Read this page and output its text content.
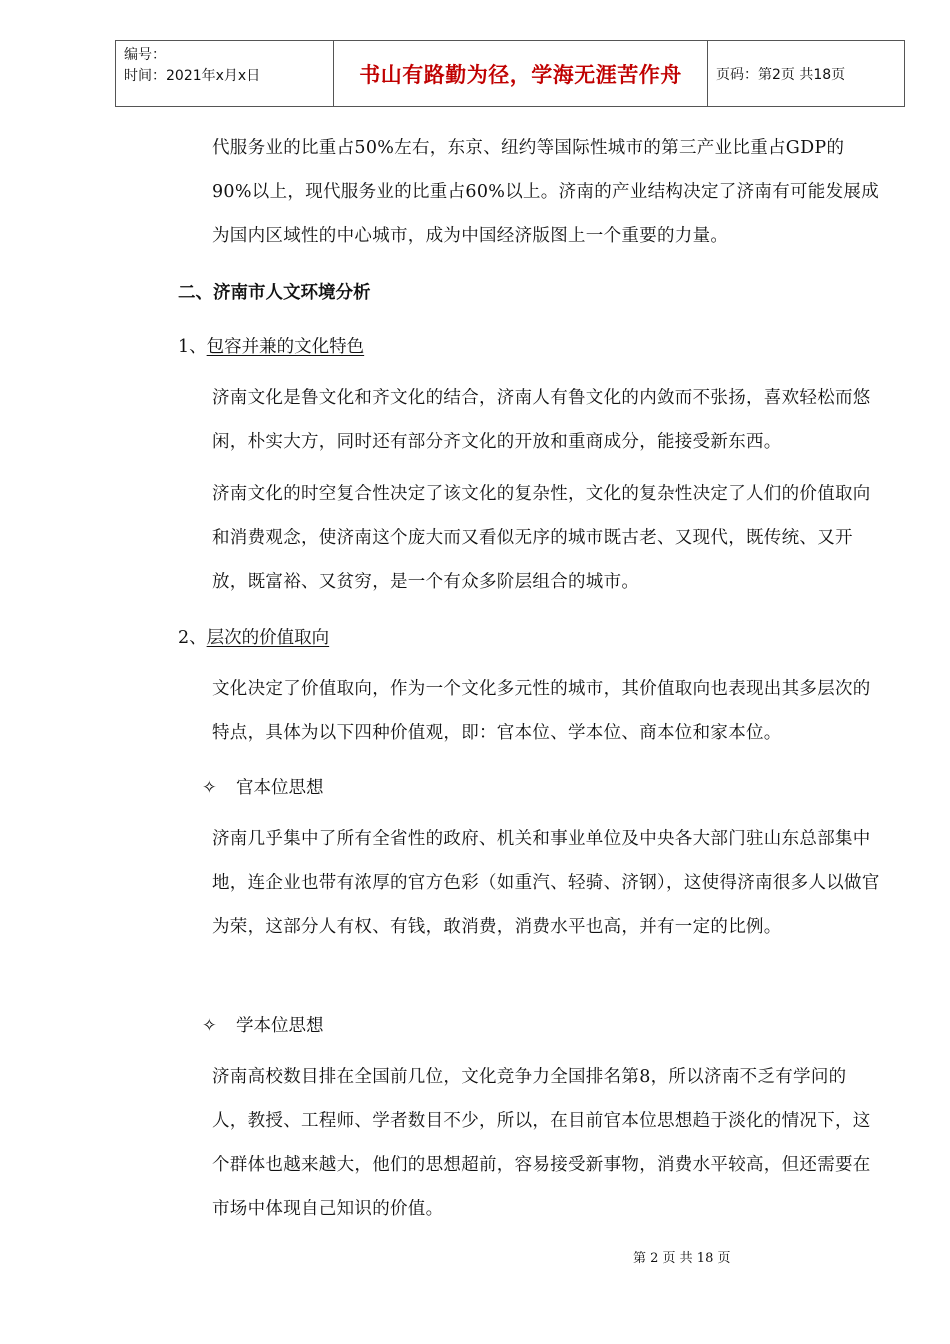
编号：
时间：2021年x月x日	书山有路勤为径，学海无涯苦作舟	页码：第2页 共18页
代服务业的比重占50%左右，东京、纽约等国际性城市的第三产业比重占GDP的90%以上，现代服务业的比重占60%以上。济南的产业结构决定了济南有可能发展成为国内区域性的中心城市，成为中国经济版图上一个重要的力量。
二、济南市人文环境分析
1、包容并兼的文化特色
济南文化是鲁文化和齐文化的结合，济南人有鲁文化的内敛而不张扬，喜欢轻松而悠闲，朴实大方，同时还有部分齐文化的开放和重商成分，能接受新东西。
济南文化的时空复合性决定了该文化的复杂性，文化的复杂性决定了人们的价值取向和消费观念，使济南这个庞大而又看似无序的城市既古老、又现代，既传统、又开放，既富裕、又贫穷，是一个有众多阶层组合的城市。
2、层次的价值取向
文化决定了价值取向，作为一个文化多元性的城市，其价值取向也表现出其多层次的特点，具体为以下四种价值观，即：官本位、学本位、商本位和家本位。
✧ 官本位思想
济南几乎集中了所有全省性的政府、机关和事业单位及中央各大部门驻山东总部集中地，连企业也带有浓厚的官方色彩（如重汽、轻骑、济钢），这使得济南很多人以做官为荣，这部分人有权、有钱，敢消费，消费水平也高，并有一定的比例。
✧ 学本位思想
济南高校数目排在全国前几位，文化竞争力全国排名第8，所以济南不乏有学问的人，教授、工程师、学者数目不少，所以，在目前官本位思想趋于淡化的情况下，这个群体也越来越大，他们的思想超前，容易接受新事物，消费水平较高，但还需要在市场中体现自己知识的价值。
第 2 页 共 18 页
